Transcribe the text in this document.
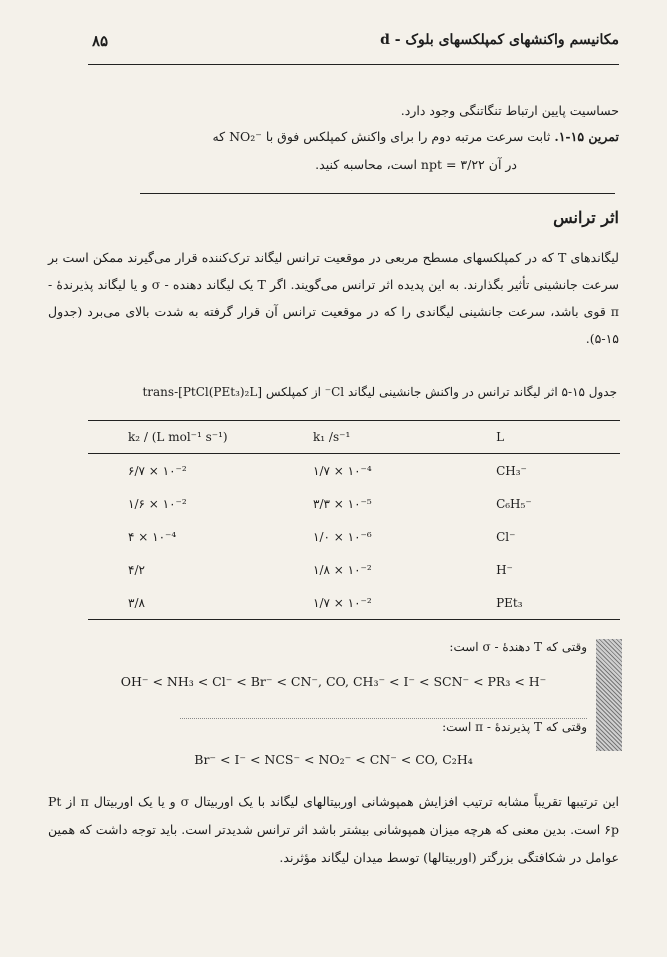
۸۵	مکانیسم واکنشهای کمپلکسهای بلوک - d
حساسیت پایین ارتباط تنگاتنگی وجود دارد.
تمرین ۱۵-۱. ثابت سرعت مرتبه دوم را برای واکنش کمپلکس فوق با NO₂⁻ که
در آن npt = ۳/۲۲ است، محاسبه کنید.
اثر ترانس
لیگاندهای T که در کمپلکسهای مسطح مربعی در موقعیت ترانس لیگاند ترک‌کننده قرار می‌گیرند ممکن است بر سرعت جانشینی تأثیر بگذارند. به این پدیده اثر ترانس می‌گویند. اگر T یک لیگاند دهنده - σ و یا لیگاند پذیرندهٔ - π قوی باشد، سرعت جانشینی لیگاندی را که در موقعیت ترانس آن قرار گرفته به شدت بالای می‌برد (جدول ۱۵-۵).
جدول ۱۵-۵ اثر لیگاند ترانس در واکنش جانشینی لیگاند Cl⁻ از کمپلکس [PtCl(PEt₃)₂L]-trans
k₂ / (L mol⁻¹ s⁻¹)	k₁ /s⁻¹	L
۶/۷ × ۱۰⁻²	۱/۷ × ۱۰⁻⁴	CH₃⁻
۱/۶ × ۱۰⁻²	۳/۳ × ۱۰⁻⁵	C₆H₅⁻
۴ × ۱۰⁻⁴	۱/۰ × ۱۰⁻⁶	Cl⁻
۴/۲	۱/۸ × ۱۰⁻²	H⁻
۳/۸	۱/۷ × ۱۰⁻²	PEt₃
وقتی که T دهندهٔ - σ است:
OH⁻ < NH₃ < Cl⁻ < Br⁻ < CN⁻, CO, CH₃⁻ < I⁻ < SCN⁻ < PR₃ < H⁻
وقتی که T پذیرندهٔ - π است:
Br⁻ < I⁻ < NCS⁻ < NO₂⁻ < CN⁻ < CO, C₂H₄
این ترتیبها تقریباً مشابه ترتیب افزایش همپوشانی اوربیتالهای لیگاند با یک اوربیتال σ و یا یک اوربیتال π از Pt ۶p است. بدین معنی که هرچه میزان همپوشانی بیشتر باشد اثر ترانس شدیدتر است. باید توجه داشت که همین عوامل در شکافتگی بزرگتر (اوربیتالها) توسط میدان لیگاند مؤثرند.
